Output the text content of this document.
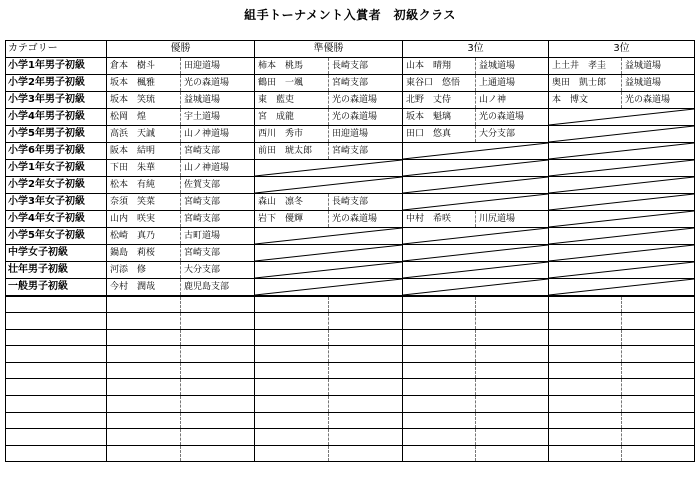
組手トーナメント入賞者　初級クラス
カテゴリー	優勝		準優勝		3位		3位	
小学1年男子初級	倉本　樹斗	田迎道場	柿本　桃馬	長崎支部	山本　晴翔	益城道場	上土井　孝圭	益城道場
小学2年男子初級	坂本　楓雅	光の森道場	鶴田　一颯	宮崎支部	東谷口　悠悟	上通道場	奥田　凱士郎	益城道場
小学3年男子初級	坂本　笑琉	益城道場	東　藍吏	光の森道場	北野　丈侍	山ノ神	本　博文	光の森道場
小学4年男子初級	松岡　煌	宇土道場	宮　成龍	光の森道場	坂本　魁璃	光の森道場	

小学5年男子初級	高浜　天誠	山ノ神道場	西川　秀市	田迎道場	田口　悠真	大分支部	

小学6年男子初級	阪本　結明	宮崎支部	前田　琥太郎	宮崎支部	

小学1年女子初級	下田　朱華	山ノ神道場	

小学2年女子初級	松本　有純	佐賀支部	

小学3年女子初級	奈須　笑菜	宮崎支部	森山　凛冬	長崎支部	

小学4年女子初級	山内　咲実	宮崎支部	岩下　優輝	光の森道場	中村　希咲	川尻道場	

小学5年女子初級	松崎　真乃	古町道場	

中学女子初級	鍋島　莉桜	宮崎支部	

壮年男子初級	河添　修	大分支部	

一般男子初級	今村　潤哉	鹿児島支部	
